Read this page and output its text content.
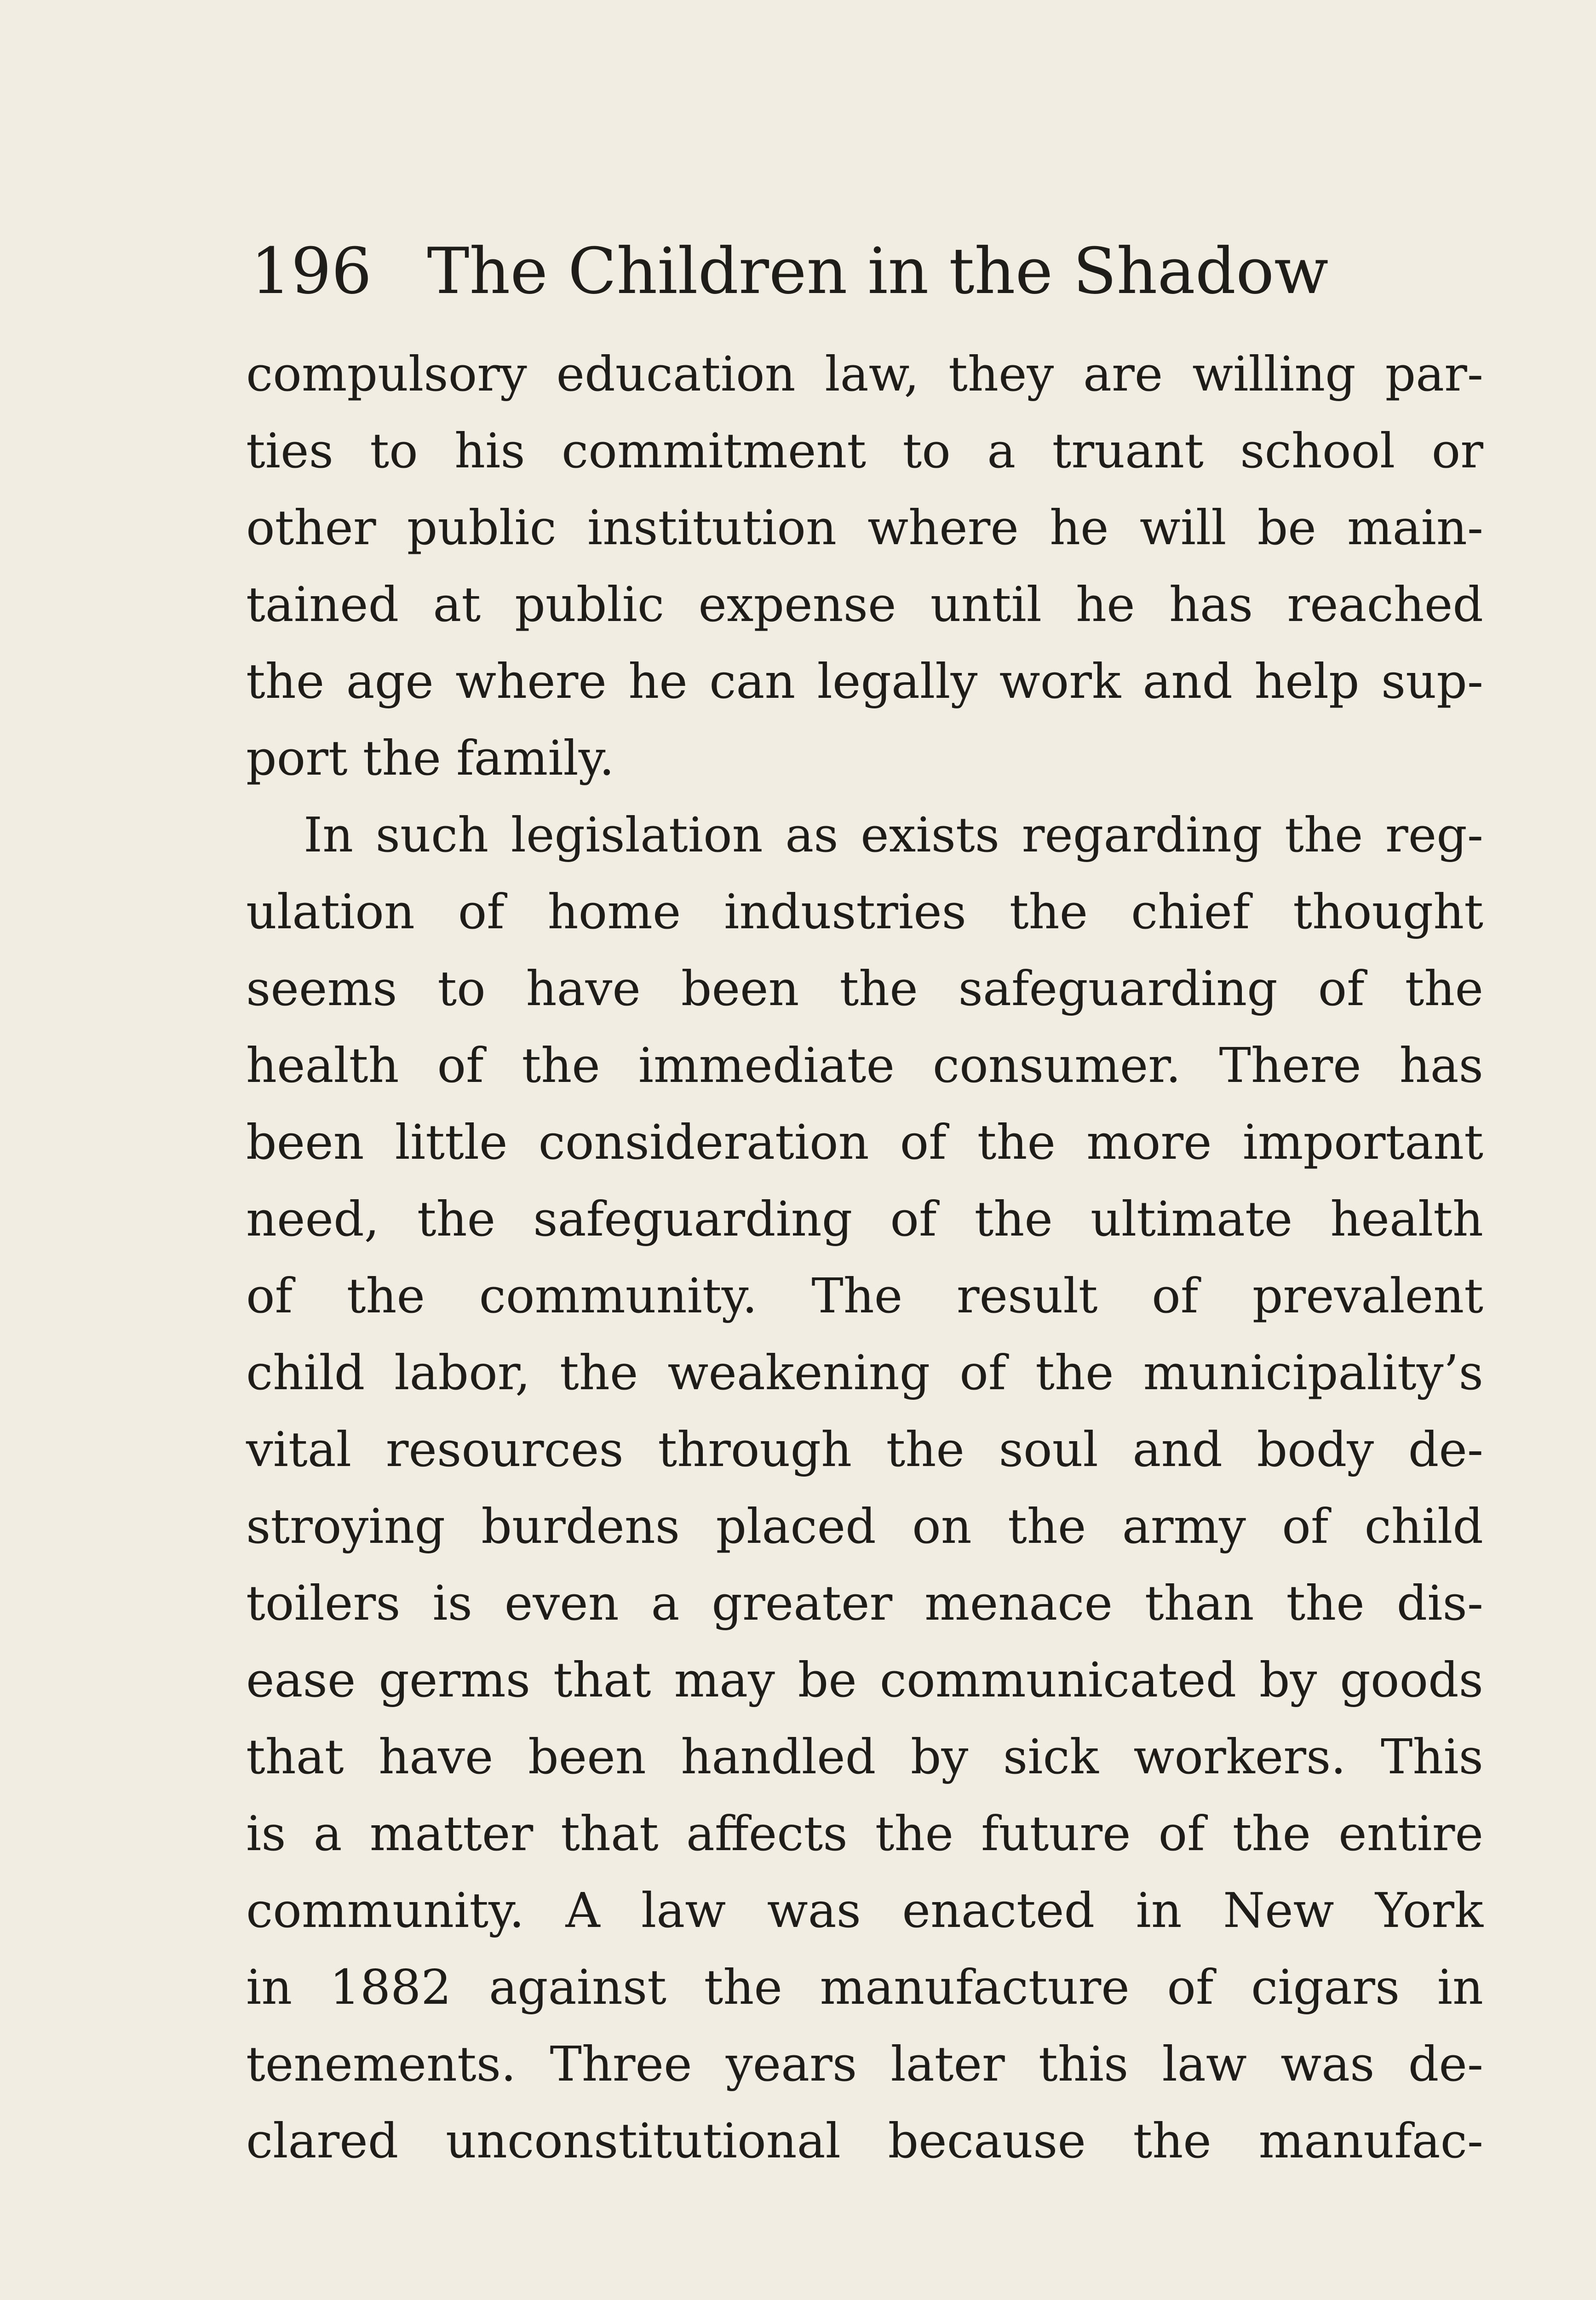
196 The Children in the Shadow
compulsory education law, they are willing par-
ties to his commitment to a truant school or
other public institution where he will be main-
tained at public expense until he has reached
the age where he can legally work and help sup-
port the family.
In such legislation as exists regarding the reg-
ulation of home industries the chief thought
seems to have been the safeguarding of the
health of the immediate consumer. There has
been little consideration of the more important
need, the safeguarding of the ultimate health
of the community. The result of prevalent
child labor, the weakening of the municipality’s
vital resources through the soul and body de-
stroying burdens placed on the army of child
toilers is even a greater menace than the dis-
ease germs that may be communicated by goods
that have been handled by sick workers. This
is a matter that affects the future of the entire
community. A law was enacted in New York
in 1882 against the manufacture of cigars in
tenements. Three years later this law was de-
clared unconstitutional because the manufac-
